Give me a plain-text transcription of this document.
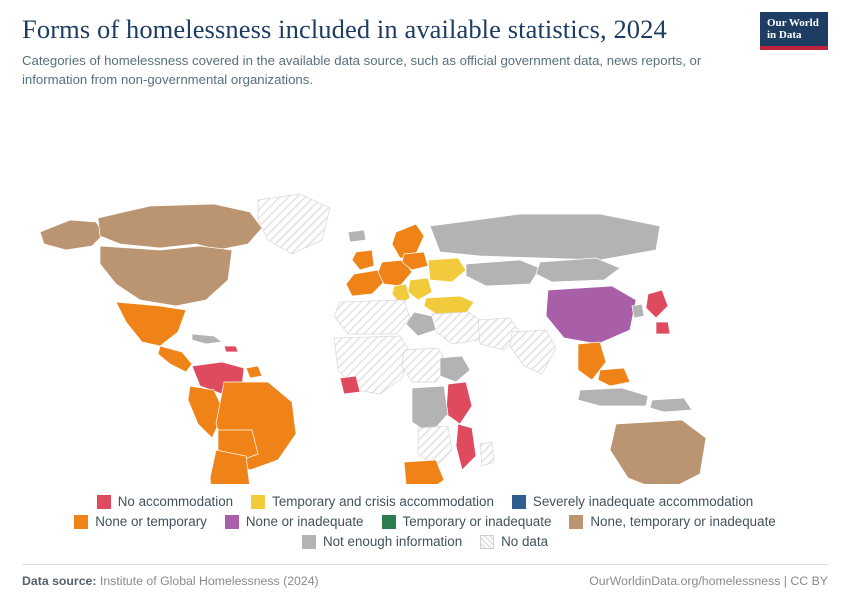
Forms of homelessness included in available statistics, 2024

Categories of homelessness covered in the available data source, such as official government data, news reports, or information from non-governmental organizations.

Our World
in Data
No accommodation	Temporary and crisis accommodation	Severely inadequate accommodation
None or temporary	None or inadequate	Temporary or inadequate	None, temporary or inadequate
Not enough information	No data
Data source: Institute of Global Homelessness (2024)	OurWorldinData.org/homelessness | CC BY
